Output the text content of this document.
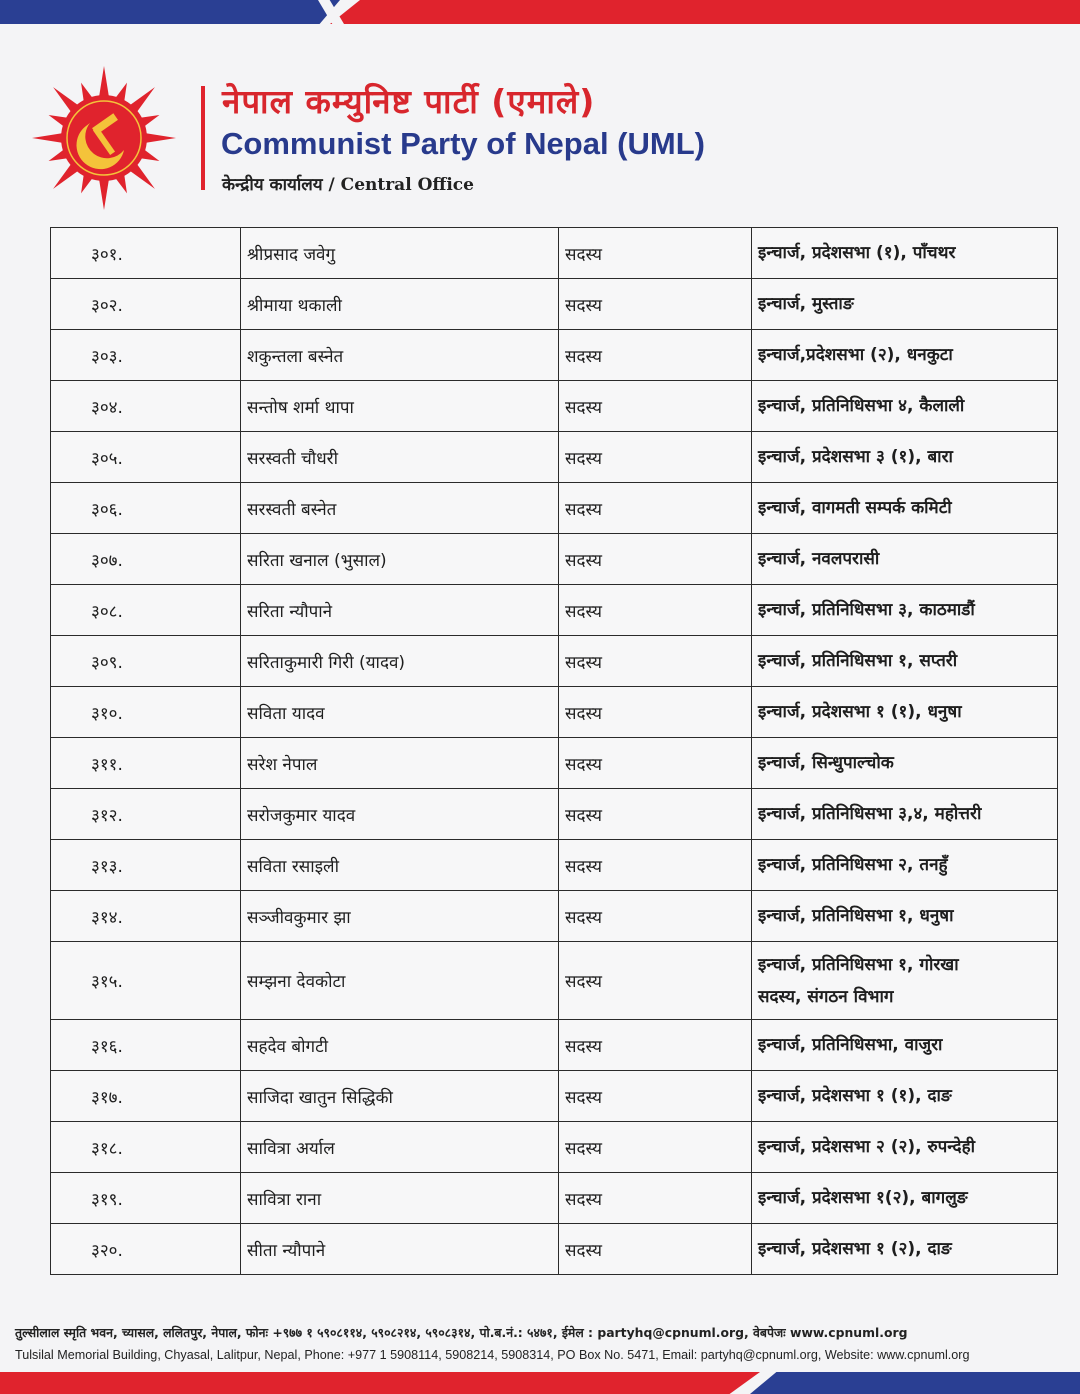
नेपाल कम्युनिष्ट पार्टी (एमाले)
Communist Party of Nepal (UML)
केन्द्रीय कार्यालय / Central Office
३०१.	श्रीप्रसाद जवेगु	सदस्य	इन्चार्ज, प्रदेशसभा (१), पाँचथर

३०२.	श्रीमाया थकाली	सदस्य	इन्चार्ज, मुस्ताङ

३०३.	शकुन्तला बस्नेत	सदस्य	इन्चार्ज,प्रदेशसभा (२), धनकुटा

३०४.	सन्तोष शर्मा थापा	सदस्य	इन्चार्ज, प्रतिनिधिसभा ४, कैलाली

३०५.	सरस्वती चौधरी	सदस्य	इन्चार्ज, प्रदेशसभा ३ (१), बारा

३०६.	सरस्वती बस्नेत	सदस्य	इन्चार्ज, वागमती सम्पर्क कमिटी

३०७.	सरिता खनाल (भुसाल)	सदस्य	इन्चार्ज, नवलपरासी

३०८.	सरिता न्यौपाने	सदस्य	इन्चार्ज, प्रतिनिधिसभा ३, काठमाडौं

३०९.	सरिताकुमारी गिरी (यादव)	सदस्य	इन्चार्ज, प्रतिनिधिसभा १, सप्तरी

३१०.	सविता यादव	सदस्य	इन्चार्ज, प्रदेशसभा १ (१), धनुषा

३११.	सरेश नेपाल	सदस्य	इन्चार्ज, सिन्धुपाल्चोक

३१२.	सरोजकुमार यादव	सदस्य	इन्चार्ज, प्रतिनिधिसभा ३,४, महोत्तरी

३१३.	सविता रसाइली	सदस्य	इन्चार्ज, प्रतिनिधिसभा २, तनहुँ

३१४.	सञ्जीवकुमार झा	सदस्य	इन्चार्ज, प्रतिनिधिसभा १, धनुषा

३१५.	सम्झना देवकोटा	सदस्य	इन्चार्ज, प्रतिनिधिसभा १, गोरखा
सदस्य, संगठन विभाग

३१६.	सहदेव बोगटी	सदस्य	इन्चार्ज, प्रतिनिधिसभा, वाजुरा

३१७.	साजिदा खातुन सिद्धिकी	सदस्य	इन्चार्ज, प्रदेशसभा १ (१), दाङ

३१८.	सावित्रा अर्याल	सदस्य	इन्चार्ज, प्रदेशसभा २ (२), रुपन्देही

३१९.	सावित्रा राना	सदस्य	इन्चार्ज, प्रदेशसभा १(२), बागलुङ

३२०.	सीता न्यौपाने	सदस्य	इन्चार्ज, प्रदेशसभा १ (२), दाङ
तुल्सीलाल स्मृति भवन, च्यासल, ललितपुर, नेपाल, फोनः +९७७ १ ५९०८११४, ५९०८२१४, ५९०८३१४, पो.ब.नं.: ५४७१, ईमेल : partyhq@cpnuml.org, वेबपेजः www.cpnuml.org
Tulsilal Memorial Building, Chyasal, Lalitpur, Nepal, Phone: +977 1 5908114, 5908214, 5908314, PO Box No. 5471, Email: partyhq@cpnuml.org, Website: www.cpnuml.org
